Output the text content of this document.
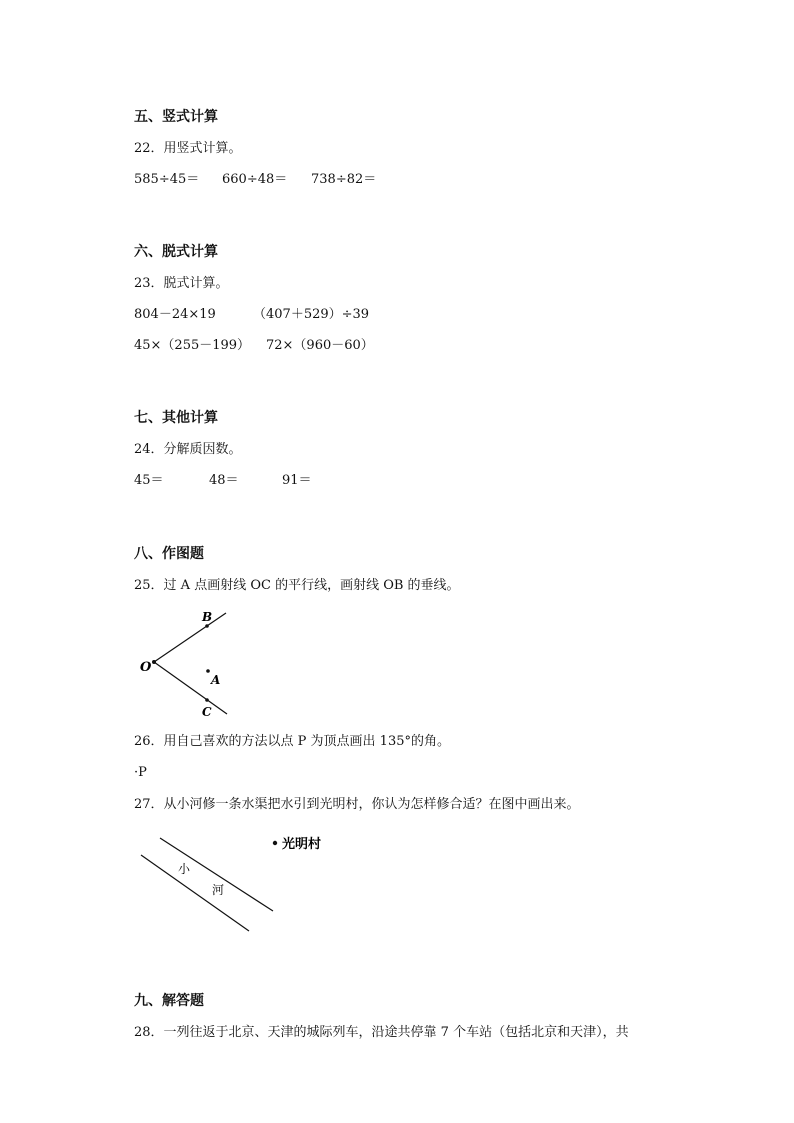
五、竖式计算
22．用竖式计算。
585÷45＝ 660÷48＝ 738÷82＝
六、脱式计算
23．脱式计算。
804－24×19	（407＋529）÷39
45×（255－199） 72×（960－60）
七、其他计算
24．分解质因数。
45＝	48＝	91＝
八、作图题
25．过 A 点画射线 OC 的平行线，画射线 OB 的垂线。
O
B
A
C
26．用自己喜欢的方法以点 P 为顶点画出 135°的角。
·P
27．从小河修一条水渠把水引到光明村，你认为怎样修合适？在图中画出来。
光明村
小
河
九、解答题
28．一列往返于北京、天津的城际列车，沿途共停靠 7 个车站（包括北京和天津），共
